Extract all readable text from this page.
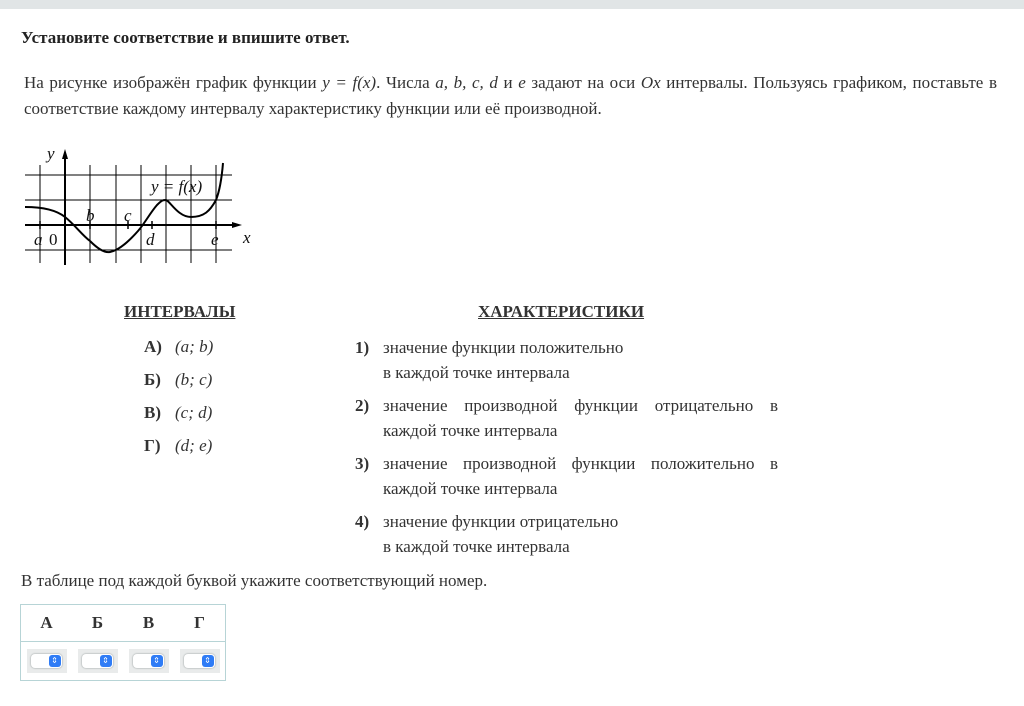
Установите соответствие и впишите ответ.
На рисунке изображён график функции y = f(x). Числа a, b, c, d и e задают на оси Ox интервалы. Пользуясь графиком, поставьте в соответствие каждому интервалу характеристику функции или её производной.
y
x
a
b c
d	e
y = f(x)
0
ИНТЕРВАЛЫ	ХАРАКТЕРИСТИКИ
А) (a; b)
Б) (b; c)
В) (c; d)
Г) (d; e)
1) значение функции положительно
в каждой точке интервала
2) значение производной функции отрицательно в каждой точке интервала
3) значение производной функции положительно в каждой точке интервала
4) значение функции отрицательно
в каждой точке интервала
В таблице под каждой буквой укажите соответствующий номер.
А	Б	В	Г

⇕	⇕	⇕	⇕
